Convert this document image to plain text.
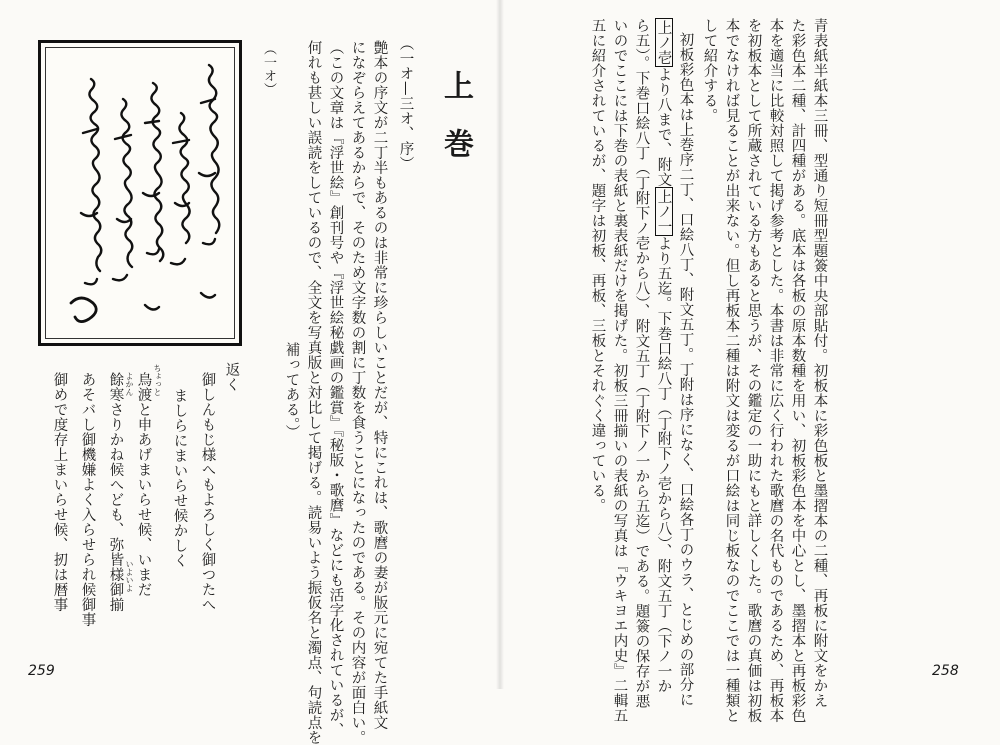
青表紙半紙本三冊、型通り短冊型題簽中央部貼付。初板本に彩色板と墨摺本の二種、再板に附文をかえ
た彩色本二種、計四種がある。底本は各板の原本数種を用い、初板彩色本を中心とし、墨摺本と再板彩色
本を適当に比較対照して掲げ参考とした。本書は非常に広く行われた歌麿の名代ものであるため、再板本
を初板本として所蔵されている方もあると思うが、その鑑定の一助にもと詳しくした。歌麿の真価は初板
本でなければ見ることが出来ない。但し再板本二種は附文は変るが口絵は同じ板なのでここでは一種類と
して紹介する。
初板彩色本は上巻序二丁、口絵八丁、附文五丁。丁附は序になく、口絵各丁のウラ、とじめの部分に
上ノ壱より八まで、附文上ノ一より五迄。下巻口絵八丁（丁附下ノ壱から八）、附文五丁（下ノ一か
ら五）。下巻口絵八丁（丁附下ノ壱から八）、附文五丁（丁附下ノ一から五迄）である。題簽の保存が悪
いのでここには下巻の表紙と裏表紙だけを掲げた。初板三冊揃いの表紙の写真は『ウキヨエ内史』二輯五
五に紹介されているが、題字は初板、再板、三板とそれぐく違っている。
258
上巻
（一オ—三オ、序）
艶本の序文が二丁半もあるのは非常に珍らしいことだが、特にこれは、歌麿の妻が版元に宛てた手紙文
になぞらえてあるからで、そのため文字数の割に丁数を食うことになったのである。その内容が面白い。
（この文章は『浮世絵』創刊号や『浮世絵秘戯画の鑑賞』『秘版・歌麿』などにも活字化されているが、
何れも甚しい誤読をしているので、全文を写真版と対比して掲げる。読易いよう振仮名と濁点、句読点を
補ってある。）
（一オ）
返く
御しんもじ様へもよろしく御つたへ
ましらにまいらせ候かしく
ちょっと
鳥渡と申あげまいらせ候、いまだ
よかん
いよいよ
餘寒さりかね候へども、弥皆様御揃
あそバし御機嫌よく入らせられ候御事
御めで度存上まいらせ候、扨は暦事
259
